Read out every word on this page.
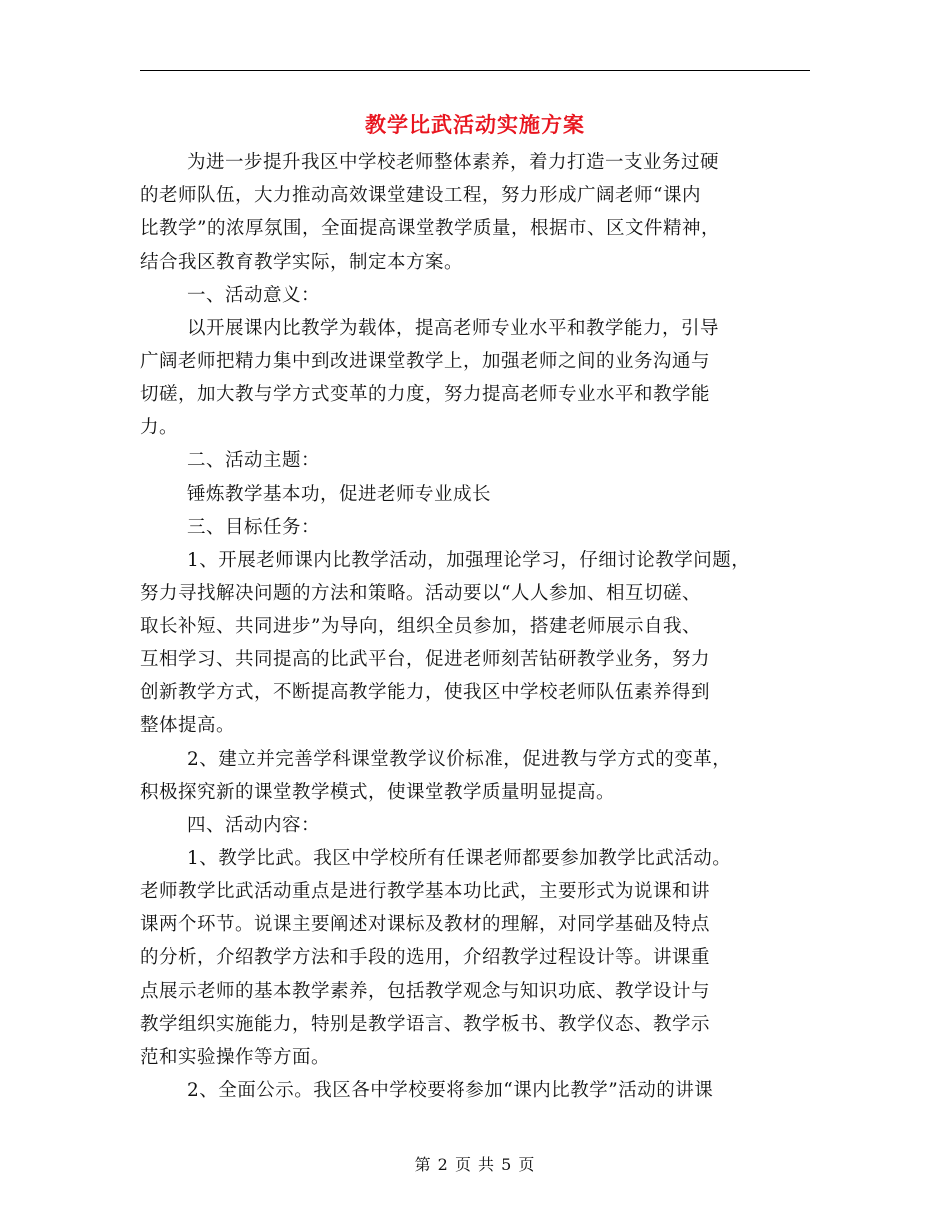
教学比武活动实施方案
为进一步提升我区中学校老师整体素养，着力打造一支业务过硬
的老师队伍，大力推动高效课堂建设工程，努力形成广阔老师“课内
比教学”的浓厚氛围，全面提高课堂教学质量，根据市、区文件精神，
结合我区教育教学实际，制定本方案。
一、活动意义：
以开展课内比教学为载体，提高老师专业水平和教学能力，引导
广阔老师把精力集中到改进课堂教学上，加强老师之间的业务沟通与
切磋，加大教与学方式变革的力度，努力提高老师专业水平和教学能
力。
二、活动主题：
锤炼教学基本功，促进老师专业成长
三、目标任务：
1、开展老师课内比教学活动，加强理论学习，仔细讨论教学问题，
努力寻找解决问题的方法和策略。活动要以“人人参加、相互切磋、
取长补短、共同进步”为导向，组织全员参加，搭建老师展示自我、
互相学习、共同提高的比武平台，促进老师刻苦钻研教学业务，努力
创新教学方式，不断提高教学能力，使我区中学校老师队伍素养得到
整体提高。
2、建立并完善学科课堂教学议价标准，促进教与学方式的变革，
积极探究新的课堂教学模式，使课堂教学质量明显提高。
四、活动内容：
1、教学比武。我区中学校所有任课老师都要参加教学比武活动。
老师教学比武活动重点是进行教学基本功比武，主要形式为说课和讲
课两个环节。说课主要阐述对课标及教材的理解，对同学基础及特点
的分析，介绍教学方法和手段的选用，介绍教学过程设计等。讲课重
点展示老师的基本教学素养，包括教学观念与知识功底、教学设计与
教学组织实施能力，特别是教学语言、教学板书、教学仪态、教学示
范和实验操作等方面。
2、全面公示。我区各中学校要将参加“课内比教学”活动的讲课
第 2 页 共 5 页
